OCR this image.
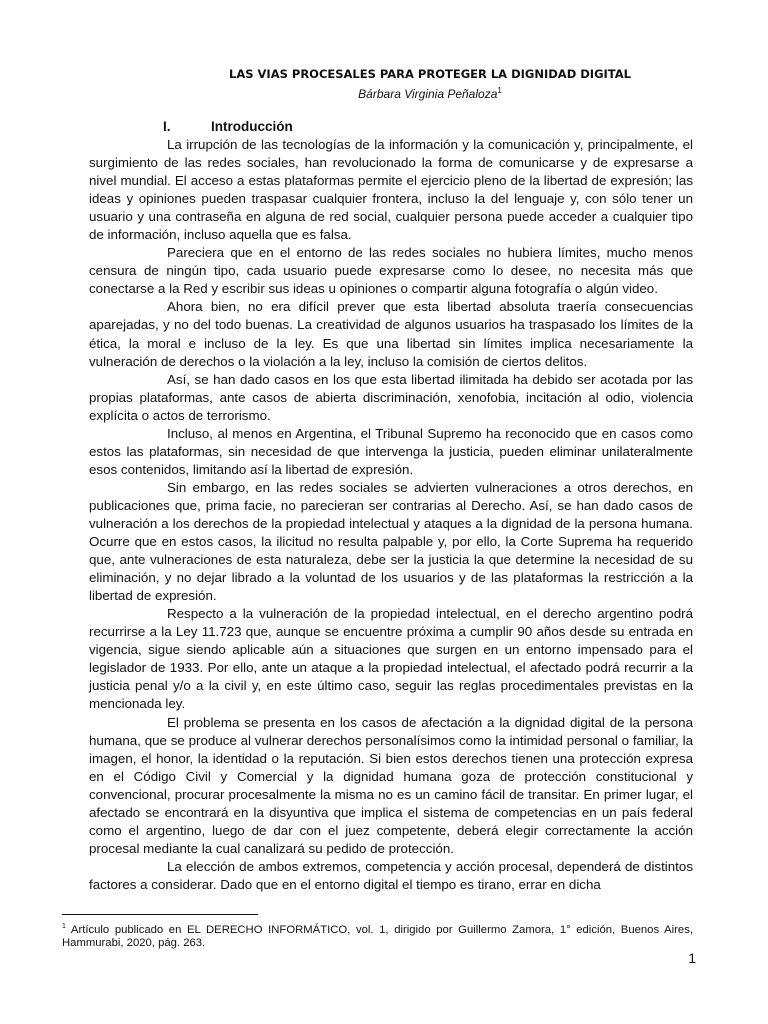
LAS VIAS PROCESALES PARA PROTEGER LA DIGNIDAD DIGITAL
Bárbara Virginia Peñaloza$^1$
I.	Introducción

La irrupción de las tecnologías de la información y la comunicación y, principalmente, el surgimiento de las redes sociales, han revolucionado la forma de comunicarse y de expresarse a nivel mundial. El acceso a estas plataformas permite el ejercicio pleno de la libertad de expresión; las ideas y opiniones pueden traspasar cualquier frontera, incluso la del lenguaje y, con sólo tener un usuario y una contraseña en alguna de red social, cualquier persona puede acceder a cualquier tipo de información, incluso aquella que es falsa.

Pareciera que en el entorno de las redes sociales no hubiera límites, mucho menos censura de ningún tipo, cada usuario puede expresarse como lo desee, no necesita más que conectarse a la Red y escribir sus ideas u opiniones o compartir alguna fotografía o algún video.

Ahora bien, no era difícil prever que esta libertad absoluta traería consecuencias aparejadas, y no del todo buenas. La creatividad de algunos usuarios ha traspasado los límites de la ética, la moral e incluso de la ley. Es que una libertad sin límites implica necesariamente la vulneración de derechos o la violación a la ley, incluso la comisión de ciertos delitos.

Así, se han dado casos en los que esta libertad ilimitada ha debido ser acotada por las propias plataformas, ante casos de abierta discriminación, xenofobia, incitación al odio, violencia explícita o actos de terrorismo.

Incluso, al menos en Argentina, el Tribunal Supremo ha reconocido que en casos como estos las plataformas, sin necesidad de que intervenga la justicia, pueden eliminar unilateralmente esos contenidos, limitando así la libertad de expresión.

Sin embargo, en las redes sociales se advierten vulneraciones a otros derechos, en publicaciones que, prima facie, no parecieran ser contrarias al Derecho. Así, se han dado casos de vulneración a los derechos de la propiedad intelectual y ataques a la dignidad de la persona humana. Ocurre que en estos casos, la ilicitud no resulta palpable y, por ello, la Corte Suprema ha requerido que, ante vulneraciones de esta naturaleza, debe ser la justicia la que determine la necesidad de su eliminación, y no dejar librado a la voluntad de los usuarios y de las plataformas la restricción a la libertad de expresión.

Respecto a la vulneración de la propiedad intelectual, en el derecho argentino podrá recurrirse a la Ley 11.723 que, aunque se encuentre próxima a cumplir 90 años desde su entrada en vigencia, sigue siendo aplicable aún a situaciones que surgen en un entorno impensado para el legislador de 1933. Por ello, ante un ataque a la propiedad intelectual, el afectado podrá recurrir a la justicia penal y/o a la civil y, en este último caso, seguir las reglas procedimentales previstas en la mencionada ley.

El problema se presenta en los casos de afectación a la dignidad digital de la persona humana, que se produce al vulnerar derechos personalísimos como la intimidad personal o familiar, la imagen, el honor, la identidad o la reputación. Si bien estos derechos tienen una protección expresa en el Código Civil y Comercial y la dignidad humana goza de protección constitucional y convencional, procurar procesalmente la misma no es un camino fácil de transitar. En primer lugar, el afectado se encontrará en la disyuntiva que implica el sistema de competencias en un país federal como el argentino, luego de dar con el juez competente, deberá elegir correctamente la acción procesal mediante la cual canalizará su pedido de protección.

La elección de ambos extremos, competencia y acción procesal, dependerá de distintos factores a considerar. Dado que en el entorno digital el tiempo es tirano, errar en dicha

$^1$ Artículo publicado en EL DERECHO INFORMÁTICO, vol. 1, dirigido por Guillermo Zamora, 1° edición, Buenos Aires, Hammurabi, 2020, pág. 263.
1
